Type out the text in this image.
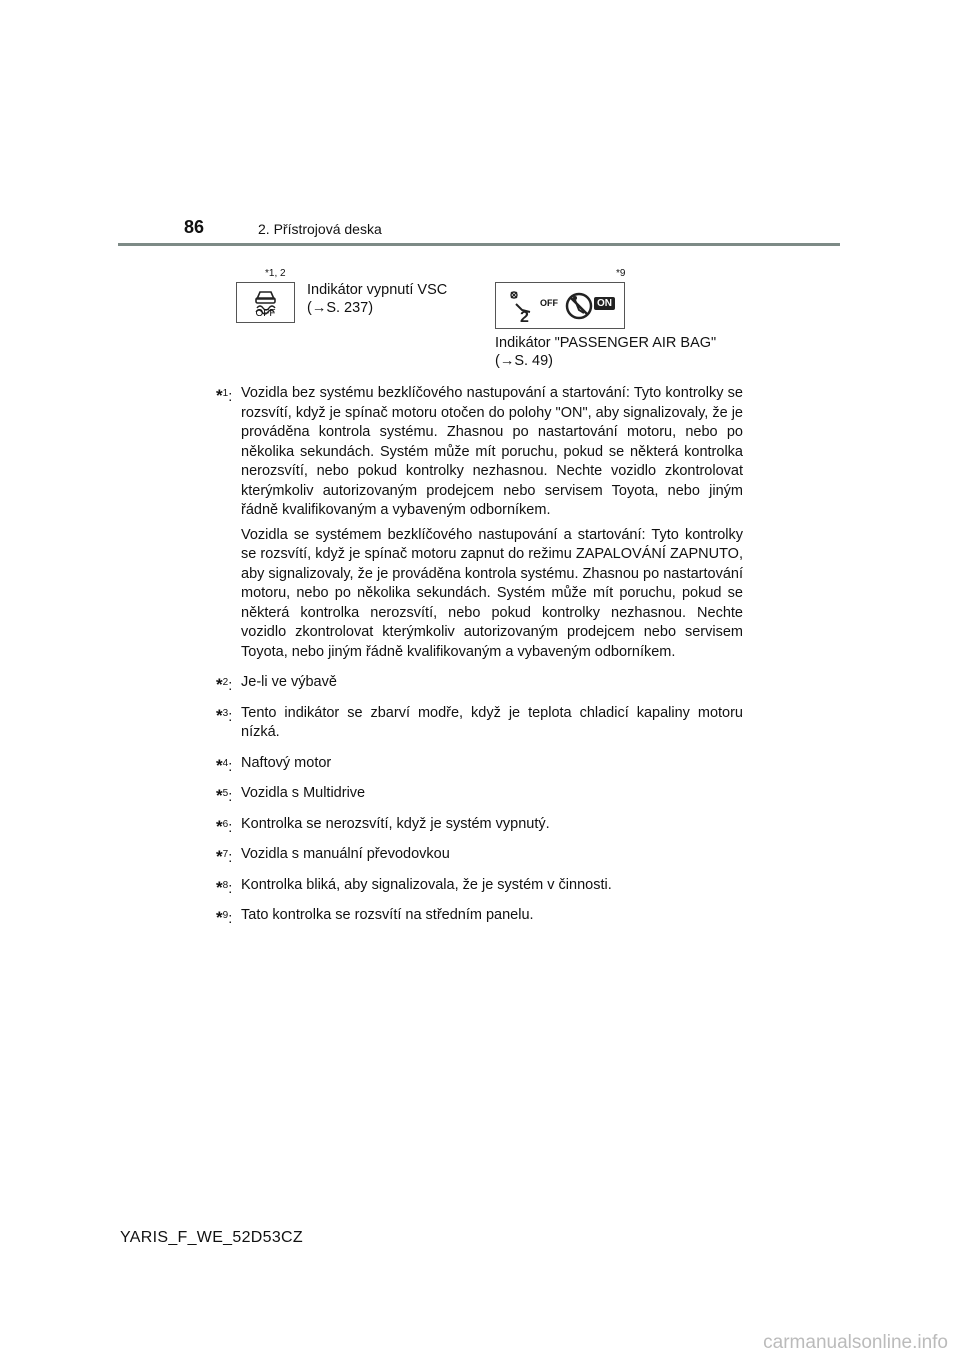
86	2. Přístrojová deska
*1, 2
OFF
Indikátor vypnutí VSC
(→S. 237)
*9
2
OFF	ON
Indikátor "PASSENGER AIR BAG"
(→S. 49)
*$^1$: Vozidla bez systému bezklíčového nastupování a startování: Tyto kontrolky se rozsvítí, když je spínač motoru otočen do polohy "ON", aby signalizovaly, že je prováděna kontrola systému. Zhasnou po nastartování motoru, nebo po několika sekundách. Systém může mít poruchu, pokud se některá kontrolka nerozsvítí, nebo pokud kontrolky nezhasnou. Nechte vozidlo zkontrolovat kterýmkoliv autorizovaným prodejcem nebo servisem Toyota, nebo jiným řádně kvalifikovaným a vybaveným odborníkem.

Vozidla se systémem bezklíčového nastupování a startování: Tyto kontrolky se rozsvítí, když je spínač motoru zapnut do režimu ZAPALOVÁNÍ ZAPNUTO, aby signalizovaly, že je prováděna kontrola systému. Zhasnou po nastartování motoru, nebo po několika sekundách. Systém může mít poruchu, pokud se některá kontrolka nerozsvítí, nebo pokud kontrolky nezhasnou. Nechte vozidlo zkontrolovat kterýmkoliv autorizovaným prodejcem nebo servisem Toyota, nebo jiným řádně kvalifikovaným a vybaveným odborníkem.

*$^2$: Je-li ve výbavě

*$^3$: Tento indikátor se zbarví modře, když je teplota chladicí kapaliny motoru nízká.

*$^4$: Naftový motor

*$^5$: Vozidla s Multidrive

*$^6$: Kontrolka se nerozsvítí, když je systém vypnutý.

*$^7$: Vozidla s manuální převodovkou

*$^8$: Kontrolka bliká, aby signalizovala, že je systém v činnosti.

*$^9$: Tato kontrolka se rozsvítí na středním panelu.

YARIS_F_WE_52D53CZ
carmanualsonline.info
